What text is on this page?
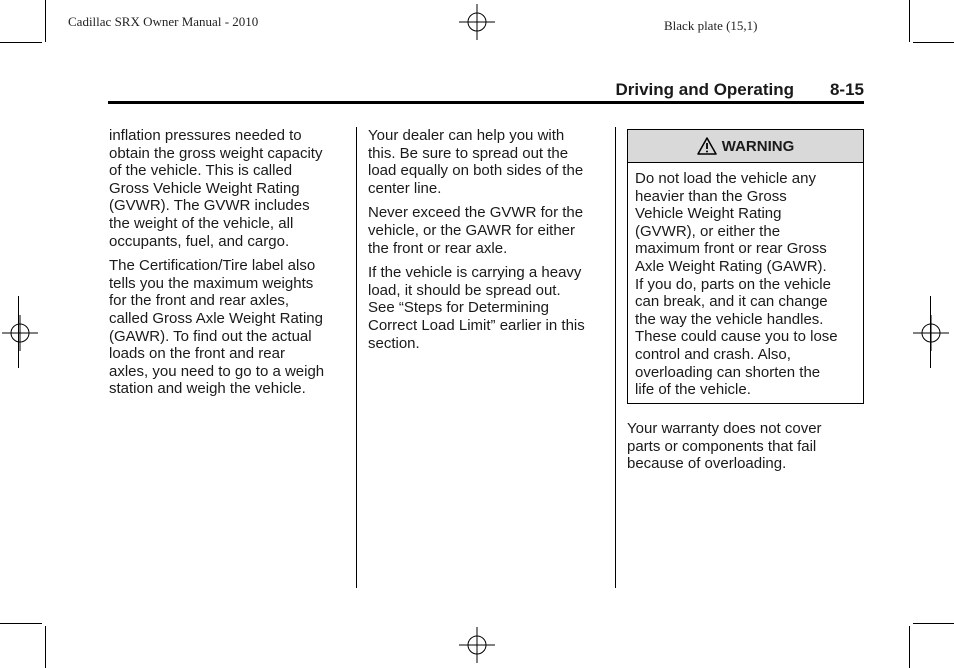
Cadillac SRX Owner Manual - 2010	Black plate (15,1)
Driving and Operating 8-15

inflation pressures needed to
obtain the gross weight capacity
of the vehicle. This is called
Gross Vehicle Weight Rating
(GVWR). The GVWR includes
the weight of the vehicle, all
occupants, fuel, and cargo.

The Certification/Tire label also
tells you the maximum weights
for the front and rear axles,
called Gross Axle Weight Rating
(GAWR). To find out the actual
loads on the front and rear
axles, you need to go to a weigh
station and weigh the vehicle.

Your dealer can help you with
this. Be sure to spread out the
load equally on both sides of the
center line.

Never exceed the GVWR for the
vehicle, or the GAWR for either
the front or rear axle.

If the vehicle is carrying a heavy
load, it should be spread out.
See “Steps for Determining
Correct Load Limit” earlier in this
section.

WARNING
Do not load the vehicle any
heavier than the Gross
Vehicle Weight Rating
(GVWR), or either the
maximum front or rear Gross
Axle Weight Rating (GAWR).
If you do, parts on the vehicle
can break, and it can change
the way the vehicle handles.
These could cause you to lose
control and crash. Also,
overloading can shorten the
life of the vehicle.

Your warranty does not cover
parts or components that fail
because of overloading.
